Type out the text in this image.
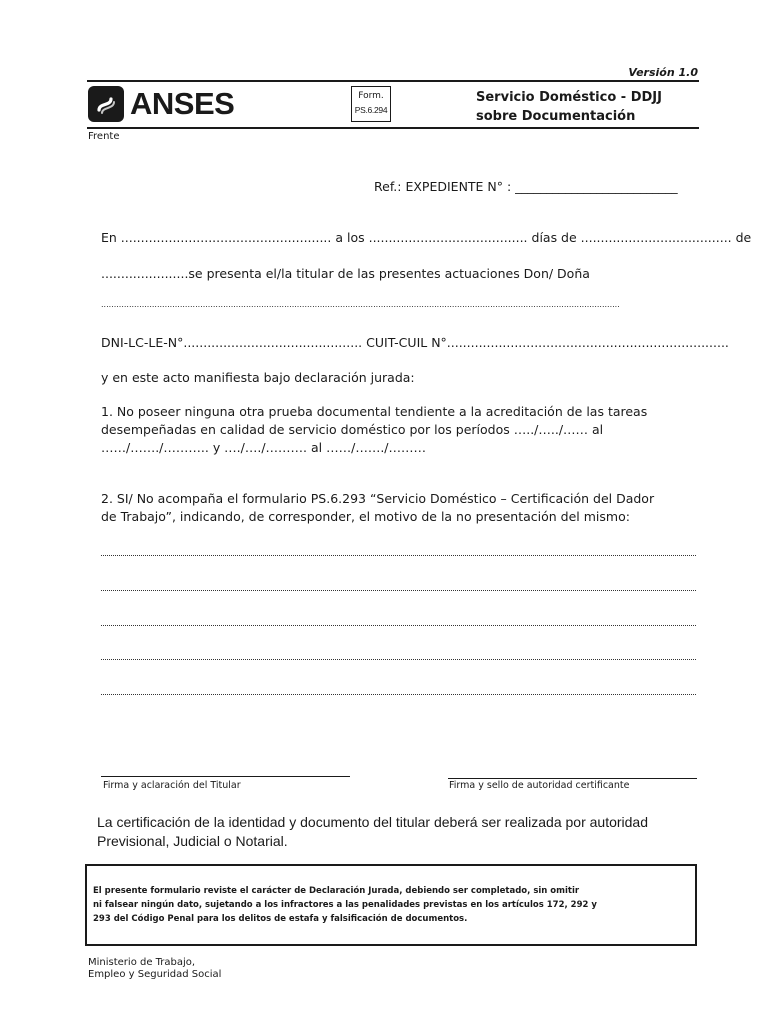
Versión 1.0
ANSES	Form.
PS.6.294
Servicio Doméstico - DDJJ
sobre Documentación
Frente
Ref.: EXPEDIENTE N° : __________________________
En ..................................................... a los ........................................ días de ...................................... de
......................se presenta el/la titular de las presentes actuaciones Don/ Doña
............................................................................................................................................................................................................
DNI-LC-LE-N°............................................. CUIT-CUIL N°.......................................................................
y en este acto manifiesta bajo declaración jurada:
1. No poseer ninguna otra prueba documental tendiente a la acreditación de las tareas
desempeñadas en calidad de servicio doméstico por los períodos …../…../…… al
……/……./……….. y …./…./………. al ……/……./………
2. SI/ No acompaña el formulario PS.6.293 “Servicio Doméstico – Certificación del Dador
de Trabajo”, indicando, de corresponder, el motivo de la no presentación del mismo:
Firma y aclaración del Titular	Firma y sello de autoridad certificante
La certificación de la identidad y documento del titular deberá ser realizada por autoridad
Previsional, Judicial o Notarial.
El presente formulario reviste el carácter de Declaración Jurada, debiendo ser completado, sin omitir
ni falsear ningún dato, sujetando a los infractores a las penalidades previstas en los artículos 172, 292 y
293 del Código Penal para los delitos de estafa y falsificación de documentos.
Ministerio de Trabajo,
Empleo y Seguridad Social
